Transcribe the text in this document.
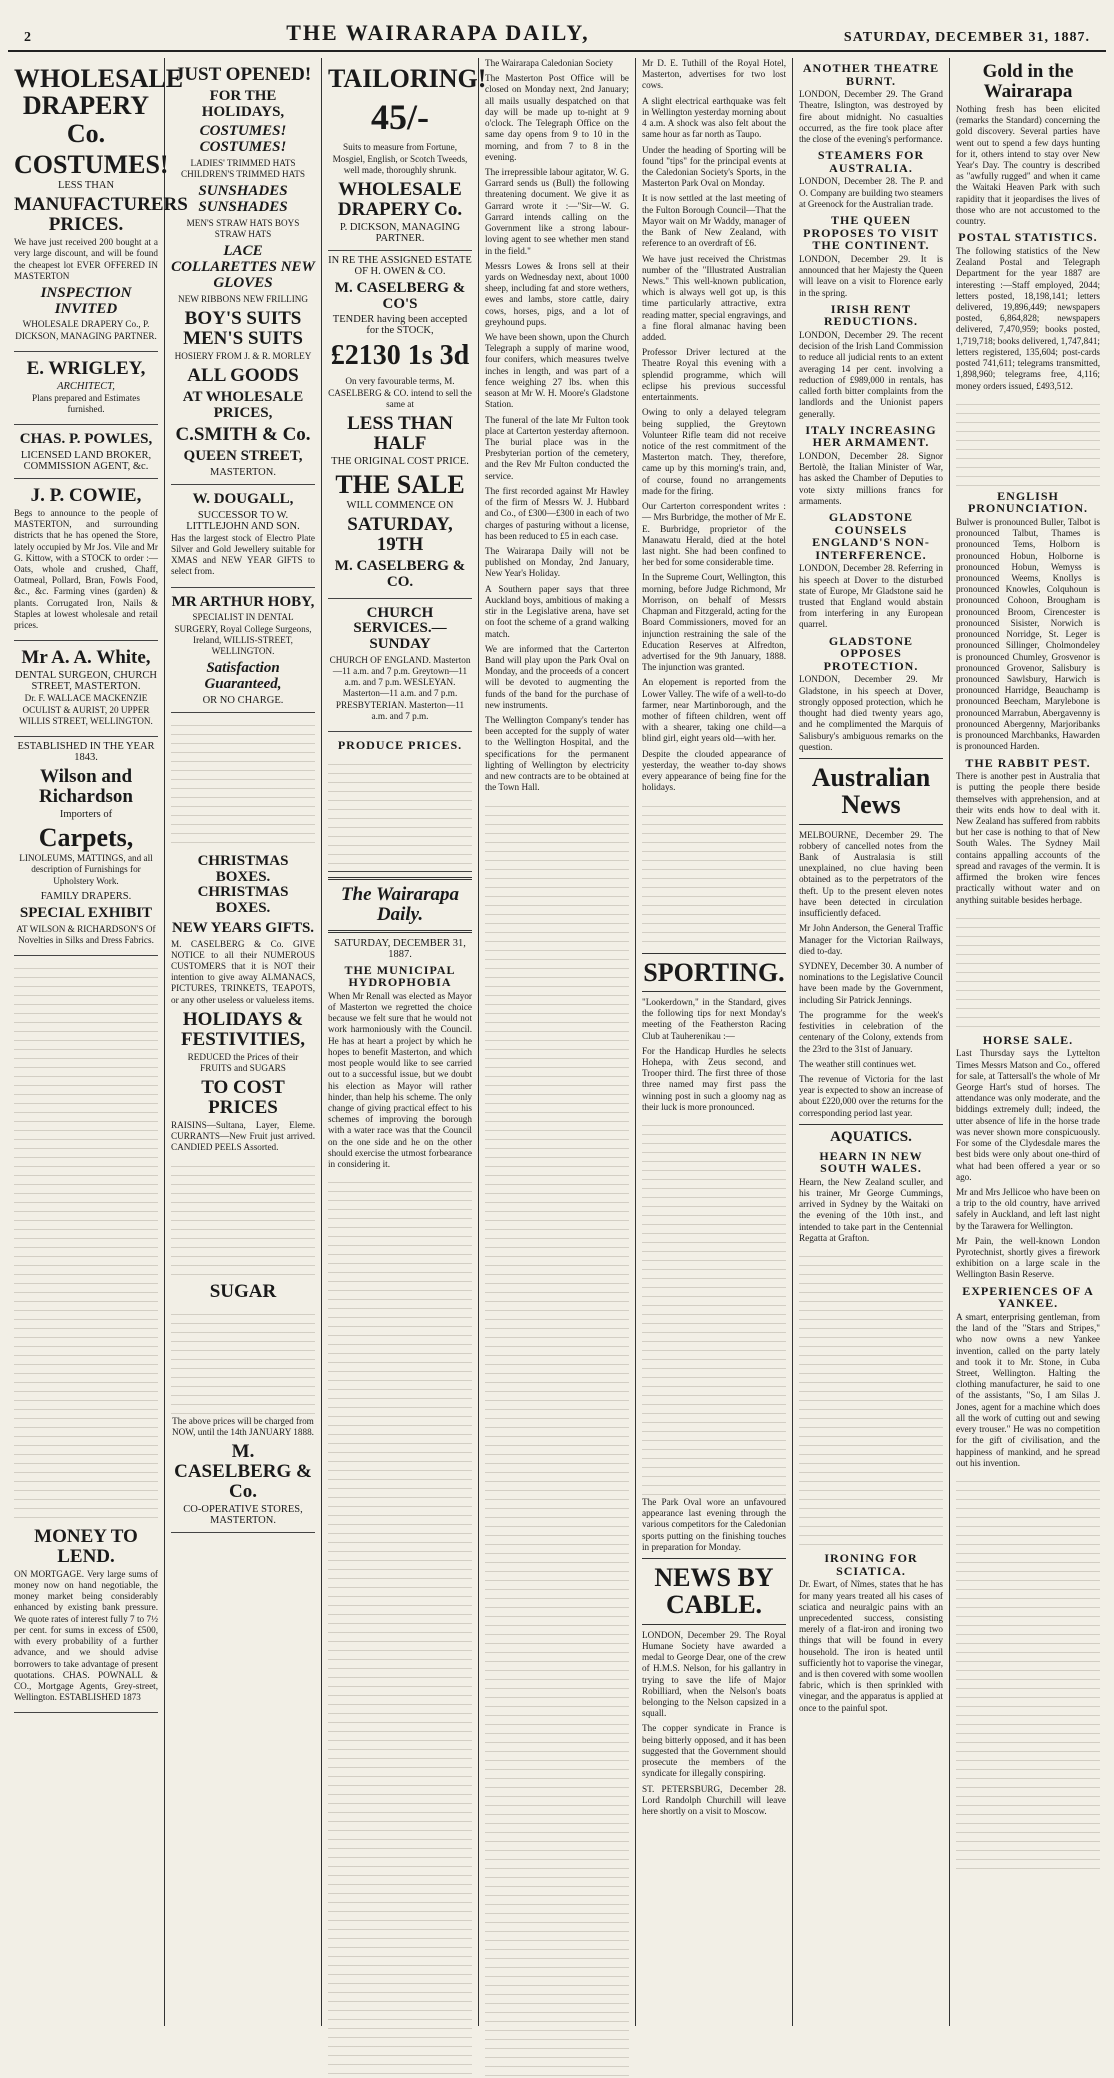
2	THE WAIRARAPA DAILY,	SATURDAY, DECEMBER 31, 1887.
WHOLESALE DRAPERY Co.
COSTUMES!
LESS THAN
MANUFACTURERS PRICES.

We have just received 200 bought at a very large discount, and will be found the cheapest lot EVER OFFERED IN MASTERTON

INSPECTION INVITED

WHOLESALE DRAPERY Co., P. DICKSON, MANAGING PARTNER.

E. WRIGLEY,
ARCHITECT,

Plans prepared and Estimates furnished.

CHAS. P. POWLES,
LICENSED LAND BROKER, COMMISSION AGENT, &c.
J. P. COWIE,

Begs to announce to the people of MASTERTON, and surrounding districts that he has opened the Store, lately occupied by Mr Jos. Vile and Mr G. Kittow, with a STOCK to order :— Oats, whole and crushed, Chaff, Oatmeal, Pollard, Bran, Fowls Food, &c., &c. Farming vines (garden) & plants. Corrugated Iron, Nails & Staples at lowest wholesale and retail prices.

Mr A. A. White,
DENTAL SURGEON, CHURCH STREET, MASTERTON.

Dr. F. WALLACE MACKENZIE OCULIST & AURIST, 20 UPPER WILLIS STREET, WELLINGTON.

ESTABLISHED IN THE YEAR 1843.
Wilson and Richardson
Importers of
Carpets,

LINOLEUMS, MATTINGS, and all description of Furnishings for Upholstery Work.

FAMILY DRAPERS.
SPECIAL EXHIBIT

AT WILSON & RICHARDSON'S Of Novelties in Silks and Dress Fabrics.

MONEY TO LEND.

ON MORTGAGE. Very large sums of money now on hand negotiable, the money market being considerably enhanced by existing bank pressure. We quote rates of interest fully 7 to 7½ per cent. for sums in excess of £500, with every probability of a further advance, and we should advise borrowers to take advantage of present quotations. CHAS. POWNALL & CO., Mortgage Agents, Grey-street, Wellington. ESTABLISHED 1873

JUST OPENED!
FOR THE HOLIDAYS,
COSTUMES! COSTUMES!

LADIES' TRIMMED HATS CHILDREN'S TRIMMED HATS

SUNSHADES SUNSHADES

MEN'S STRAW HATS BOYS STRAW HATS

LACE COLLARETTES NEW GLOVES

NEW RIBBONS NEW FRILLING

BOY'S SUITS MEN'S SUITS

HOSIERY FROM J. & R. MORLEY

ALL GOODS
AT WHOLESALE PRICES,
C.SMITH & Co.
QUEEN STREET,
MASTERTON.
W. DOUGALL,
SUCCESSOR TO W. LITTLEJOHN AND SON.

Has the largest stock of Electro Plate Silver and Gold Jewellery suitable for XMAS and NEW YEAR GIFTS to select from.

MR ARTHUR HOBY,

SPECIALIST IN DENTAL SURGERY, Royal College Surgeons, Ireland, WILLIS-STREET, WELLINGTON.

Satisfaction Guaranteed,
OR NO CHARGE.
CHRISTMAS BOXES. CHRISTMAS BOXES.
NEW YEARS GIFTS.

M. CASELBERG & Co. GIVE NOTICE to all their NUMEROUS CUSTOMERS that it is NOT their intention to give away ALMANACS, PICTURES, TRINKETS, TEAPOTS, or any other useless or valueless items.

HOLIDAYS & FESTIVITIES,

REDUCED the Prices of their FRUITS and SUGARS

TO COST PRICES

RAISINS—Sultana, Layer, Eleme. CURRANTS—New Fruit just arrived. CANDIED PEELS Assorted.

SUGAR

The above prices will be charged from NOW, until the 14th JANUARY 1888.

M. CASELBERG & Co.
CO-OPERATIVE STORES, MASTERTON.
TAILORING!
45/-

Suits to measure from Fortune, Mosgiel, English, or Scotch Tweeds, well made, thoroughly shrunk.

WHOLESALE DRAPERY Co.
P. DICKSON, MANAGING PARTNER.
IN RE THE ASSIGNED ESTATE OF H. OWEN & CO.
M. CASELBERG & CO'S
TENDER having been accepted for the STOCK,
£2130 1s 3d

On very favourable terms, M. CASELBERG & CO. intend to sell the same at

LESS THAN HALF
THE ORIGINAL COST PRICE.
THE SALE
WILL COMMENCE ON
SATURDAY, 19TH
M. CASELBERG & CO.
CHURCH SERVICES.—SUNDAY

CHURCH OF ENGLAND. Masterton—11 a.m. and 7 p.m. Greytown—11 a.m. and 7 p.m. WESLEYAN. Masterton—11 a.m. and 7 p.m. PRESBYTERIAN. Masterton—11 a.m. and 7 p.m.

PRODUCE PRICES.
The Wairarapa Daily.
SATURDAY, DECEMBER 31, 1887.
THE MUNICIPAL HYDROPHOBIA

When Mr Renall was elected as Mayor of Masterton we regretted the choice because we felt sure that he would not work harmoniously with the Council. He has at heart a project by which he hopes to benefit Masterton, and which most people would like to see carried out to a successful issue, but we doubt his election as Mayor will rather hinder, than help his scheme. The only change of giving practical effect to his schemes of improving the borough with a water race was that the Council on the one side and he on the other should exercise the utmost forbearance in considering it.

The Wairarapa Caledonian Society

The Masterton Post Office will be closed on Monday next, 2nd January; all mails usually despatched on that day will be made up to-night at 9 o'clock. The Telegraph Office on the same day opens from 9 to 10 in the morning, and from 7 to 8 in the evening.

The irrepressible labour agitator, W. G. Garrard sends us (Bull) the following threatening document. We give it as Garrard wrote it :—"Sir—W. G. Garrard intends calling on the Government like a strong labour-loving agent to see whether men stand in the field."

Messrs Lowes & Irons sell at their yards on Wednesday next, about 1000 sheep, including fat and store wethers, ewes and lambs, store cattle, dairy cows, horses, pigs, and a lot of greyhound pups.

We have been shown, upon the Church Telegraph a supply of marine wood, four conifers, which measures twelve inches in length, and was part of a fence weighing 27 lbs. when this season at Mr W. H. Moore's Gladstone Station.

The funeral of the late Mr Fulton took place at Carterton yesterday afternoon. The burial place was in the Presbyterian portion of the cemetery, and the Rev Mr Fulton conducted the service.

The first recorded against Mr Hawley of the firm of Messrs W. J. Hubbard and Co., of £300—£300 in each of two charges of pasturing without a license, has been reduced to £5 in each case.

The Wairarapa Daily will not be published on Monday, 2nd January, New Year's Holiday.

A Southern paper says that three Auckland boys, ambitious of making a stir in the Legislative arena, have set on foot the scheme of a grand walking match.

We are informed that the Carterton Band will play upon the Park Oval on Monday, and the proceeds of a concert will be devoted to augmenting the funds of the band for the purchase of new instruments.

The Wellington Company's tender has been accepted for the supply of water to the Wellington Hospital, and the specifications for the permanent lighting of Wellington by electricity and new contracts are to be obtained at the Town Hall.

Mr D. E. Tuthill of the Royal Hotel, Masterton, advertises for two lost cows.

A slight electrical earthquake was felt in Wellington yesterday morning about 4 a.m. A shock was also felt about the same hour as far north as Taupo.

Under the heading of Sporting will be found "tips" for the principal events at the Caledonian Society's Sports, in the Masterton Park Oval on Monday.

It is now settled at the last meeting of the Fulton Borough Council—That the Mayor wait on Mr Waddy, manager of the Bank of New Zealand, with reference to an overdraft of £6.

We have just received the Christmas number of the "Illustrated Australian News." This well-known publication, which is always well got up, is this time particularly attractive, extra reading matter, special engravings, and a fine floral almanac having been added.

Professor Driver lectured at the Theatre Royal this evening with a splendid programme, which will eclipse his previous successful entertainments.

Owing to only a delayed telegram being supplied, the Greytown Volunteer Rifle team did not receive notice of the rest commitment of the Masterton match. They, therefore, came up by this morning's train, and, of course, found no arrangements made for the firing.

Our Carterton correspondent writes :— Mrs Burbridge, the mother of Mr E. E. Burbridge, proprietor of the Manawatu Herald, died at the hotel last night. She had been confined to her bed for some considerable time.

In the Supreme Court, Wellington, this morning, before Judge Richmond, Mr Morrison, on behalf of Messrs Chapman and Fitzgerald, acting for the Board Commissioners, moved for an injunction restraining the sale of the Education Reserves at Alfredton, advertised for the 9th January, 1888. The injunction was granted.

An elopement is reported from the Lower Valley. The wife of a well-to-do farmer, near Martinborough, and the mother of fifteen children, went off with a shearer, taking one child—a blind girl, eight years old—with her.

Despite the clouded appearance of yesterday, the weather to-day shows every appearance of being fine for the holidays.

SPORTING.

"Lookerdown," in the Standard, gives the following tips for next Monday's meeting of the Featherston Racing Club at Tauherenikau :—

For the Handicap Hurdles he selects Hohepa, with Zeus second, and Trooper third. The first three of those three named may first pass the winning post in such a gloomy nag as their luck is more pronounced.

The Park Oval wore an unfavoured appearance last evening through the various competitors for the Caledonian sports putting on the finishing touches in preparation for Monday.

NEWS BY CABLE.

LONDON, December 29. The Royal Humane Society have awarded a medal to George Dear, one of the crew of H.M.S. Nelson, for his gallantry in trying to save the life of Major Robilliard, when the Nelson's boats belonging to the Nelson capsized in a squall.

The copper syndicate in France is being bitterly opposed, and it has been suggested that the Government should prosecute the members of the syndicate for illegally conspiring.

ST. PETERSBURG, December 28. Lord Randolph Churchill will leave here shortly on a visit to Moscow.

ANOTHER THEATRE BURNT.

LONDON, December 29. The Grand Theatre, Islington, was destroyed by fire about midnight. No casualties occurred, as the fire took place after the close of the evening's performance.

STEAMERS FOR AUSTRALIA.

LONDON, December 28. The P. and O. Company are building two steamers at Greenock for the Australian trade.

THE QUEEN PROPOSES TO VISIT THE CONTINENT.

LONDON, December 29. It is announced that her Majesty the Queen will leave on a visit to Florence early in the spring.

IRISH RENT REDUCTIONS.

LONDON, December 29. The recent decision of the Irish Land Commission to reduce all judicial rents to an extent averaging 14 per cent. involving a reduction of £989,000 in rentals, has called forth bitter complaints from the landlords and the Unionist papers generally.

ITALY INCREASING HER ARMAMENT.

LONDON, December 28. Signor Bertolè, the Italian Minister of War, has asked the Chamber of Deputies to vote sixty millions francs for armaments.

GLADSTONE COUNSELS ENGLAND'S NON-INTERFERENCE.

LONDON, December 28. Referring in his speech at Dover to the disturbed state of Europe, Mr Gladstone said he trusted that England would abstain from interfering in any European quarrel.

GLADSTONE OPPOSES PROTECTION.

LONDON, December 29. Mr Gladstone, in his speech at Dover, strongly opposed protection, which he thought had died twenty years ago, and he complimented the Marquis of Salisbury's ambiguous remarks on the question.

Australian News

MELBOURNE, December 29. The robbery of cancelled notes from the Bank of Australasia is still unexplained, no clue having been obtained as to the perpetrators of the theft. Up to the present eleven notes have been detected in circulation insufficiently defaced.

Mr John Anderson, the General Traffic Manager for the Victorian Railways, died to-day.

SYDNEY, December 30. A number of nominations to the Legislative Council have been made by the Government, including Sir Patrick Jennings.

The programme for the week's festivities in celebration of the centenary of the Colony, extends from the 23rd to the 31st of January.

The weather still continues wet.

The revenue of Victoria for the last year is expected to show an increase of about £220,000 over the returns for the corresponding period last year.

AQUATICS.
HEARN IN NEW SOUTH WALES.

Hearn, the New Zealand sculler, and his trainer, Mr George Cummings, arrived in Sydney by the Waitaki on the evening of the 10th inst., and intended to take part in the Centennial Regatta at Grafton.

IRONING FOR SCIATICA.

Dr. Ewart, of Nîmes, states that he has for many years treated all his cases of sciatica and neuralgic pains with an unprecedented success, consisting merely of a flat-iron and ironing two things that will be found in every household. The iron is heated until sufficiently hot to vaporise the vinegar, and is then covered with some woollen fabric, which is then sprinkled with vinegar, and the apparatus is applied at once to the painful spot.

Gold in the Wairarapa

Nothing fresh has been elicited (remarks the Standard) concerning the gold discovery. Several parties have went out to spend a few days hunting for it, others intend to stay over New Year's Day. The country is described as "awfully rugged" and when it came the Waitaki Heaven Park with such rapidity that it jeopardises the lives of those who are not accustomed to the country.

POSTAL STATISTICS.

The following statistics of the New Zealand Postal and Telegraph Department for the year 1887 are interesting :—Staff employed, 2044; letters posted, 18,198,141; letters delivered, 19,896,449; newspapers posted, 6,864,828; newspapers delivered, 7,470,959; books posted, 1,719,718; books delivered, 1,747,841; letters registered, 135,604; post-cards posted 741,611; telegrams transmitted, 1,898,960; telegrams free, 4,116; money orders issued, £493,512.

ENGLISH PRONUNCIATION.

Bulwer is pronounced Buller, Talbot is pronounced Talbut, Thames is pronounced Tems, Holborn is pronounced Hobun, Holborne is pronounced Hobun, Wemyss is pronounced Weems, Knollys is pronounced Knowles, Colquhoun is pronounced Cohoon, Brougham is pronounced Broom, Cirencester is pronounced Sisister, Norwich is pronounced Norridge, St. Leger is pronounced Sillinger, Cholmondeley is pronounced Chumley, Grosvenor is pronounced Grovenor, Salisbury is pronounced Sawlsbury, Harwich is pronounced Harridge, Beauchamp is pronounced Beecham, Marylebone is pronounced Marrabun, Abergavenny is pronounced Abergenny, Marjoribanks is pronounced Marchbanks, Hawarden is pronounced Harden.

THE RABBIT PEST.

There is another pest in Australia that is putting the people there beside themselves with apprehension, and at their wits ends how to deal with it. New Zealand has suffered from rabbits but her case is nothing to that of New South Wales. The Sydney Mail contains appalling accounts of the spread and ravages of the vermin. It is affirmed the broken wire fences practically without water and on anything suitable besides herbage.

HORSE SALE.

Last Thursday says the Lyttelton Times Messrs Matson and Co., offered for sale, at Tattersall's the whole of Mr George Hart's stud of horses. The attendance was only moderate, and the biddings extremely dull; indeed, the utter absence of life in the horse trade was never shown more conspicuously. For some of the Clydesdale mares the best bids were only about one-third of what had been offered a year or so ago.

Mr and Mrs Jellicoe who have been on a trip to the old country, have arrived safely in Auckland, and left last night by the Tarawera for Wellington.

Mr Pain, the well-known London Pyrotechnist, shortly gives a firework exhibition on a large scale in the Wellington Basin Reserve.

EXPERIENCES OF A YANKEE.

A smart, enterprising gentleman, from the land of the "Stars and Stripes," who now owns a new Yankee invention, called on the party lately and took it to Mr. Stone, in Cuba Street, Wellington. Halting the clothing manufacturer, he said to one of the assistants, "So, I am Silas J. Jones, agent for a machine which does all the work of cutting out and sewing every trouser." He was no competition for the gift of civilisation, and the happiness of mankind, and he spread out his invention.
